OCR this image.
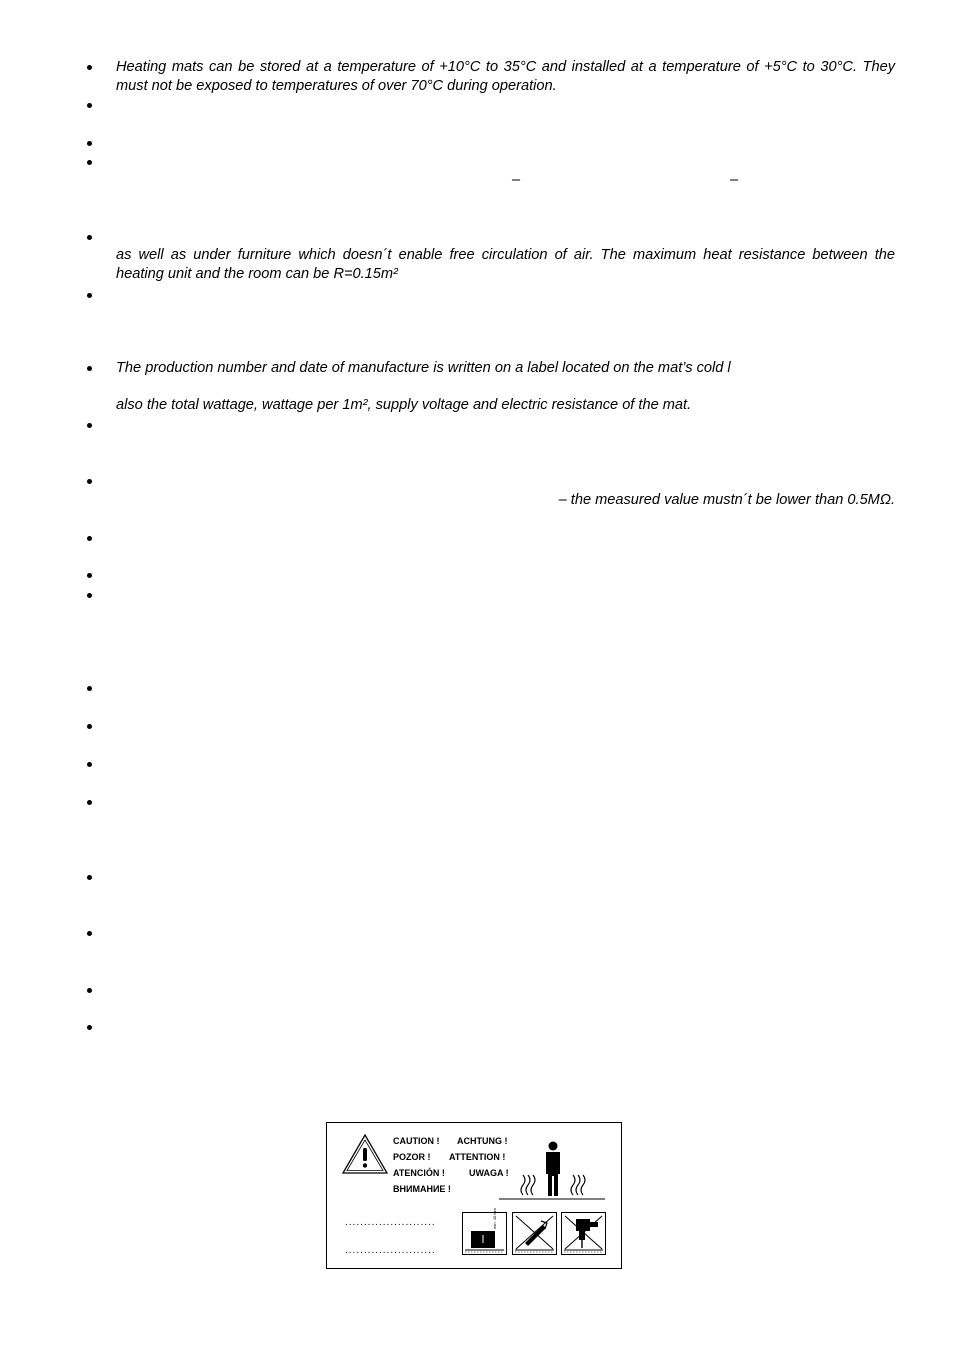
Heating mats can be stored at a temperature of +10°C to 35°C and installed at a temperature of +5°C to 30°C. They must not be exposed to temperatures of over 70°C during operation.
–	–
as well as under furniture which doesn´t enable free circulation of air. The maximum heat resistance between the heating unit and the room can be R=0.15m²
The production number and date of manufacture is written on a label located on the mat’s cold l
also the total wattage, wattage per 1m², supply voltage and electric resistance of the mat.
– the measured value mustn´t be lower than 0.5MΩ.
CAUTION ! ACHTUNG !
POZOR ! ATTENTION !
ATENCIÓN !	UWAGA !
ВНИМАНИЕ !
........................
........................
min. 40 mm
